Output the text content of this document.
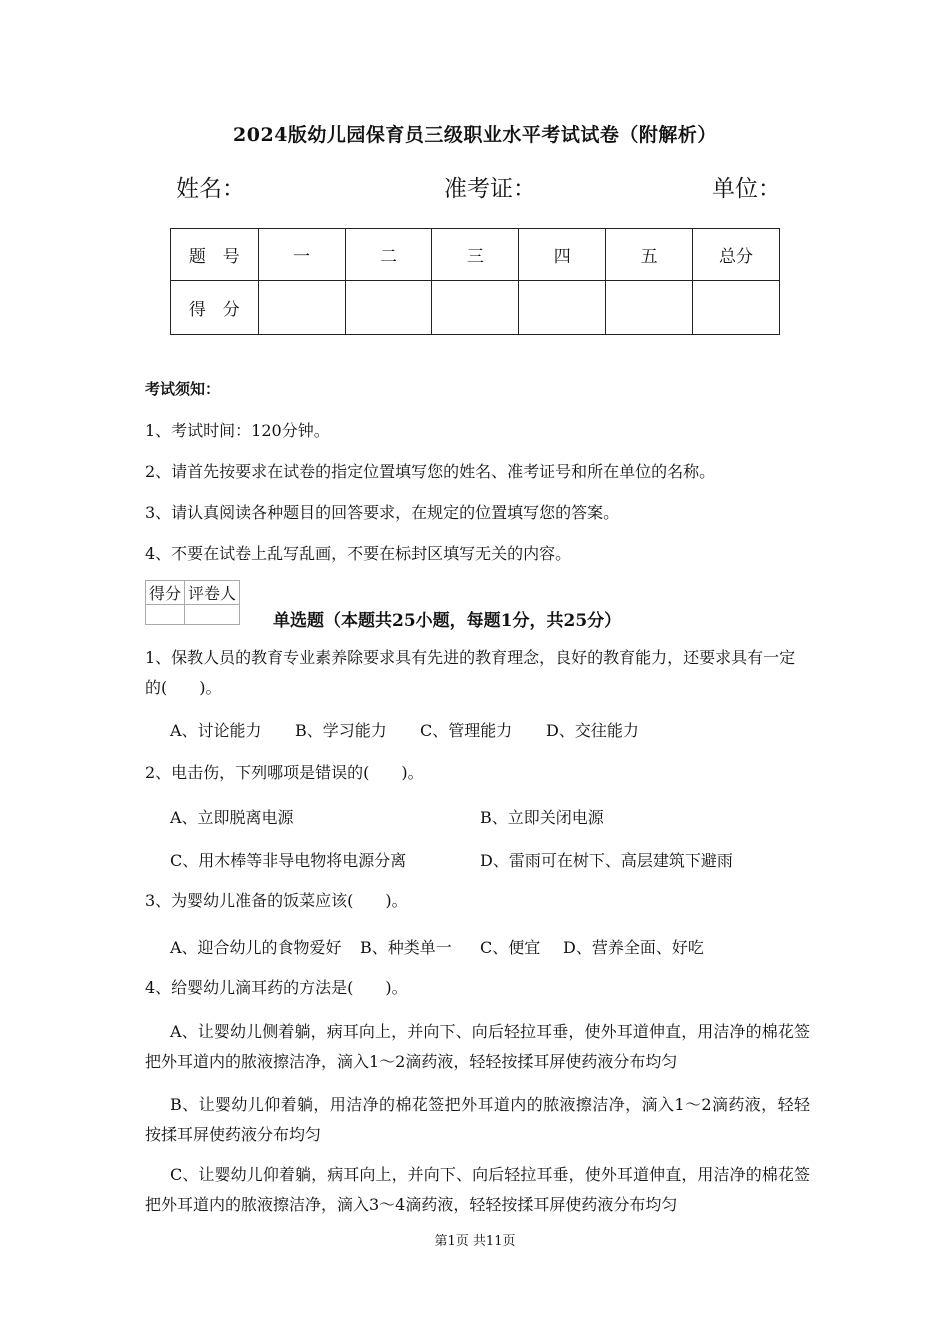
2024版幼儿园保育员三级职业水平考试试卷（附解析）
姓名：	准考证：	单位：
题　号	一	二	三	四	五	总分
得　分						
考试须知：
1、考试时间：120分钟。
2、请首先按要求在试卷的指定位置填写您的姓名、准考证号和所在单位的名称。
3、请认真阅读各种题目的回答要求，在规定的位置填写您的答案。
4、不要在试卷上乱写乱画，不要在标封区填写无关的内容。
得分	评卷人

单选题（本题共25小题，每题1分，共25分）
1、保教人员的教育专业素养除要求具有先进的教育理念，良好的教育能力，还要求具有一定的(　　)。
A、讨论能力 B、学习能力 C、管理能力 D、交往能力
2、电击伤，下列哪项是错误的(　　)。
A、立即脱离电源	B、立即关闭电源
C、用木棒等非导电物将电源分离	D、雷雨可在树下、高层建筑下避雨
3、为婴幼儿准备的饭菜应该(　　)。
A、迎合幼儿的食物爱好 B、种类单一 C、便宜 D、营养全面、好吃
4、给婴幼儿滴耳药的方法是(　　)。
A、让婴幼儿侧着躺，病耳向上，并向下、向后轻拉耳垂，使外耳道伸直，用洁净的棉花签把外耳道内的脓液擦洁净，滴入1～2滴药液，轻轻按揉耳屏使药液分布均匀
B、让婴幼儿仰着躺，用洁净的棉花签把外耳道内的脓液擦洁净，滴入1～2滴药液，轻轻按揉耳屏使药液分布均匀
C、让婴幼儿仰着躺，病耳向上，并向下、向后轻拉耳垂，使外耳道伸直，用洁净的棉花签把外耳道内的脓液擦洁净，滴入3～4滴药液，轻轻按揉耳屏使药液分布均匀
第1页 共11页
